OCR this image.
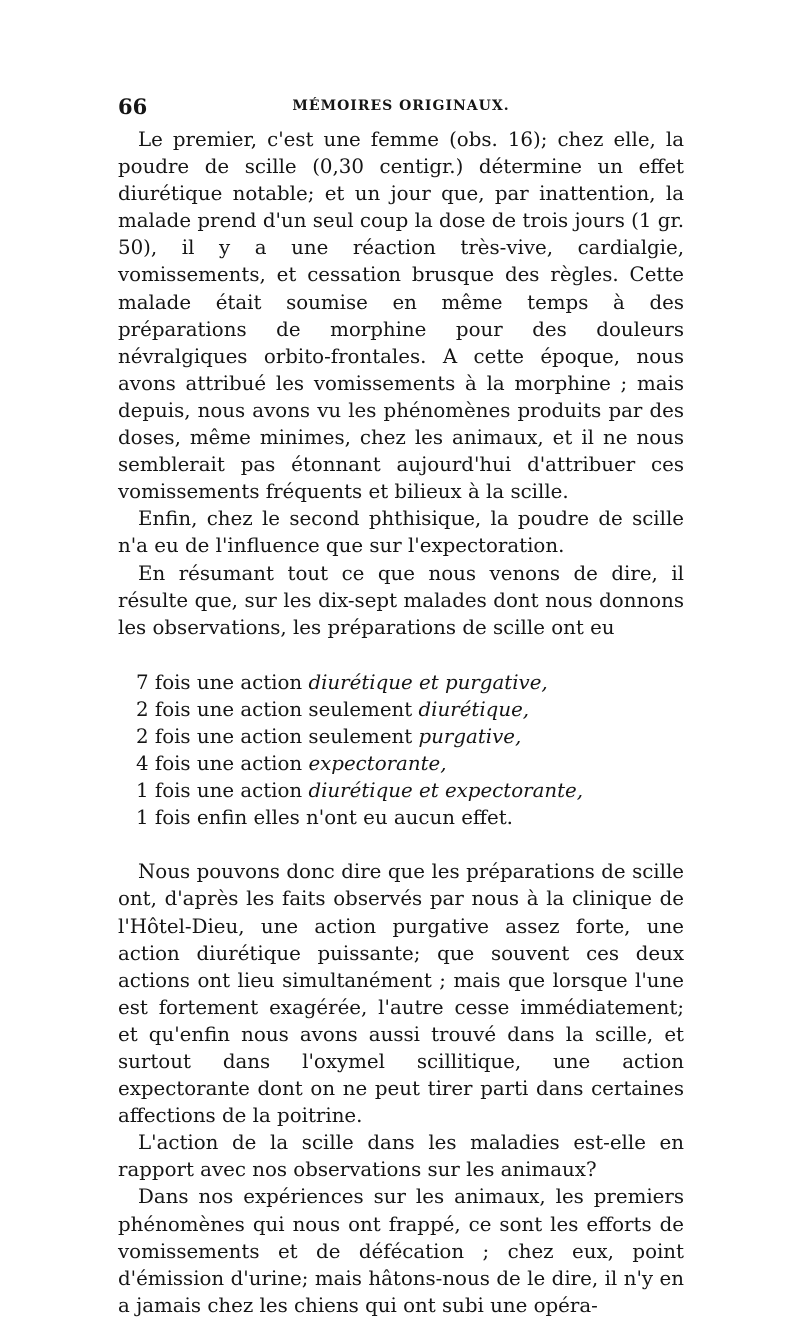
66	MÉMOIRES ORIGINAUX.

Le premier, c'est une femme (obs. 16); chez elle, la poudre de scille (0,30 centigr.) détermine un effet diurétique notable; et un jour que, par inattention, la malade prend d'un seul coup la dose de trois jours (1 gr. 50), il y a une réaction très-vive, cardialgie, vomissements, et cessation brusque des règles. Cette malade était soumise en même temps à des préparations de morphine pour des douleurs névralgiques orbito-frontales. A cette époque, nous avons attribué les vomissements à la morphine ; mais depuis, nous avons vu les phénomènes produits par des doses, même minimes, chez les animaux, et il ne nous semblerait pas étonnant aujourd'hui d'attribuer ces vomissements fréquents et bilieux à la scille.

Enfin, chez le second phthisique, la poudre de scille n'a eu de l'influence que sur l'expectoration.

En résumant tout ce que nous venons de dire, il résulte que, sur les dix-sept malades dont nous donnons les observations, les préparations de scille ont eu

7 fois une action diurétique et purgative,
2 fois une action seulement diurétique,
2 fois une action seulement purgative,
4 fois une action expectorante,
1 fois une action diurétique et expectorante,
1 fois enfin elles n'ont eu aucun effet.

Nous pouvons donc dire que les préparations de scille ont, d'après les faits observés par nous à la clinique de l'Hôtel-Dieu, une action purgative assez forte, une action diurétique puissante; que souvent ces deux actions ont lieu simultanément ; mais que lorsque l'une est fortement exagérée, l'autre cesse immédiatement; et qu'enfin nous avons aussi trouvé dans la scille, et surtout dans l'oxymel scillitique, une action expectorante dont on ne peut tirer parti dans certaines affections de la poitrine.

L'action de la scille dans les maladies est-elle en rapport avec nos observations sur les animaux?

Dans nos expériences sur les animaux, les premiers phénomènes qui nous ont frappé, ce sont les efforts de vomissements et de défécation ; chez eux, point d'émission d'urine; mais hâtons-nous de le dire, il n'y en a jamais chez les chiens qui ont subi une opéra-
